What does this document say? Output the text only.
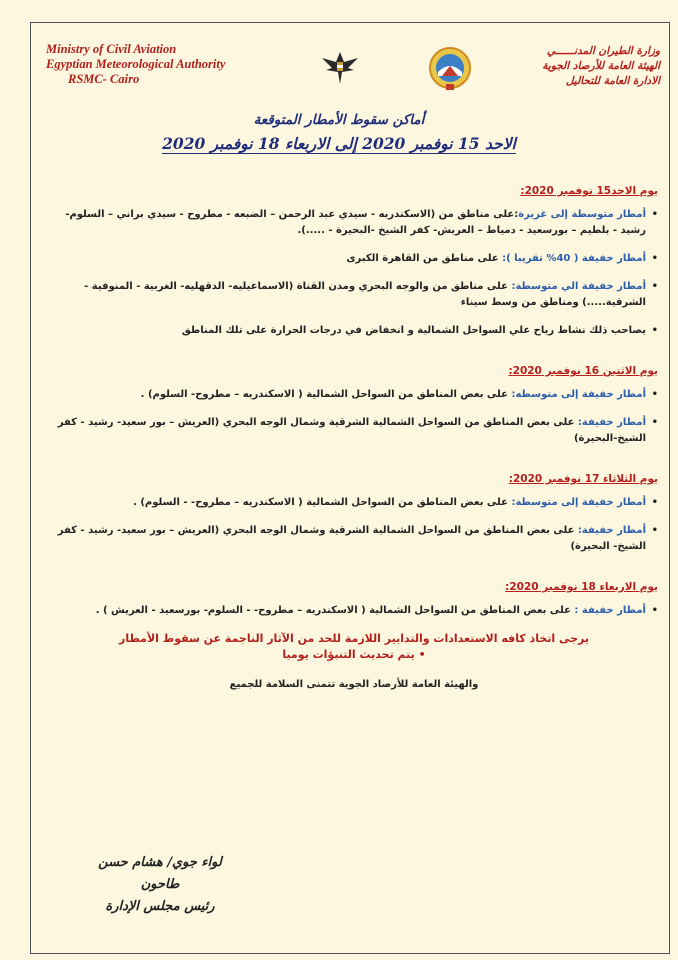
Ministry of Civil Aviation
Egyptian Meteorological Authority
RSMC- Cairo
وزارة الطيران المدنــــــي
الهيئة العامة للأرصاد الجوية
الادارة العامة للتحاليل
أماكن سقوط الأمطار المتوقعة
الاحد 15 نوفمبر 2020 إلى الاربعاء 18 نوفمبر 2020
يوم الاحد15 نوفمبر 2020:
• أمطار متوسطة إلى غزيرة:على مناطق من (الاسكندريه - سيدي عبد الرحمن – الضبعه - مطروح - سيدي براني – السلوم- رشيد - بلطيم – بورسعيد - دمياط – العريش- كفر الشيخ -البحيرة - .....).
• أمطار خفيفة ( 40% تقريبا ): على مناطق من القاهرة الكبرى
• أمطار خفيفة الي متوسطة: على مناطق من والوجه البحري ومدن القناة (الاسماعيليه- الدقهليه- الغربية - المنوفية - الشرقية.....) ومناطق من وسط سيناء
• يصاحب ذلك نشاط رياح علي السواحل الشمالية و انخفاض في درجات الحرارة على تلك المناطق
يوم الاثنين 16 نوفمبر 2020:
• أمطار خفيفة إلى متوسطه: على بعض المناطق من السواحل الشمالية ( الاسكندريه – مطروح- السلوم) .
• أمطار خفيفة: على بعض المناطق من السواحل الشمالية الشرقية وشمال الوجه البحري (العريش – بور سعيد- رشيد - كفر الشيخ-البحيرة)
يوم الثلاثاء 17 نوفمبر 2020:
• أمطار خفيفة إلى متوسطة: على بعض المناطق من السواحل الشمالية ( الاسكندريه – مطروح- - السلوم) .
• أمطار خفيفة: على بعض المناطق من السواحل الشمالية الشرقية وشمال الوجه البحري (العريش – بور سعيد- رشيد - كفر الشيخ- البحيرة)
يوم الاربعاء 18 نوفمبر 2020:
• أمطار خفيفة : على بعض المناطق من السواحل الشمالية ( الاسكندريه – مطروح- - السلوم- بورسعيد - العريش ) .
يرجى اتخاذ كافه الاستعدادات والتدابير اللازمة للحد من الآثار الناجمة عن سقوط الأمطار
• يتم تحديث التنبؤات يوميا
والهيئة العامة للأرصاد الجوية تتمنى السلامة للجميع
لواء جوي/ هشام حسن طاحون
رئيس مجلس الإدارة
